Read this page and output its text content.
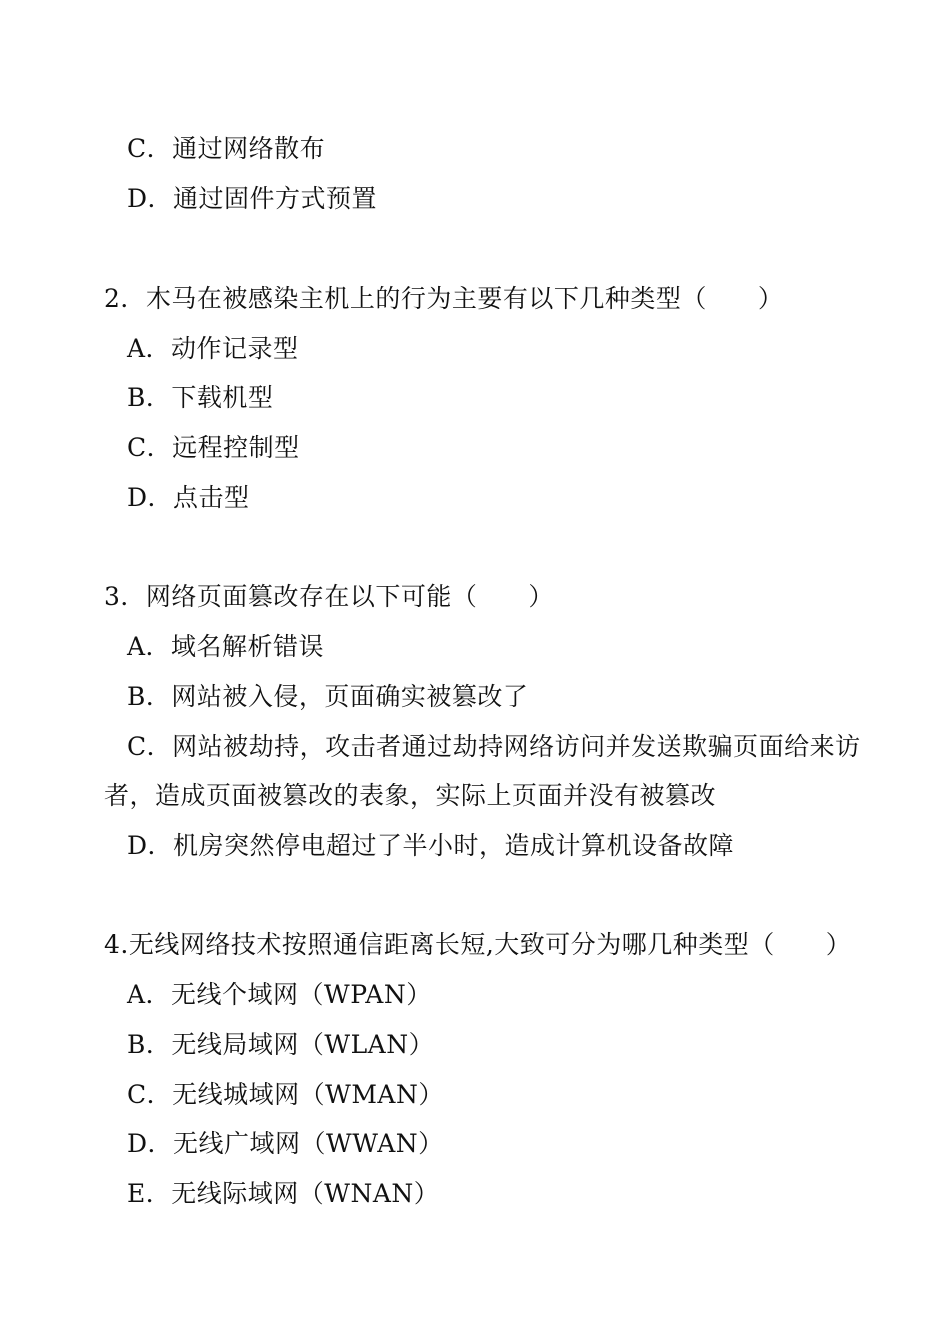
C．通过网络散布
D．通过固件方式预置
2．木马在被感染主机上的行为主要有以下几种类型（　　）
A．动作记录型
B．下载机型
C．远程控制型
D．点击型
3．网络页面篡改存在以下可能（　　）
A．域名解析错误
B．网站被入侵，页面确实被篡改了
C．网站被劫持，攻击者通过劫持网络访问并发送欺骗页面给来访
者，造成页面被篡改的表象，实际上页面并没有被篡改
D．机房突然停电超过了半小时，造成计算机设备故障
4.无线网络技术按照通信距离长短,大致可分为哪几种类型（　　）
A．无线个域网（WPAN）
B．无线局域网（WLAN）
C．无线城域网（WMAN）
D．无线广域网（WWAN）
E．无线际域网（WNAN）
